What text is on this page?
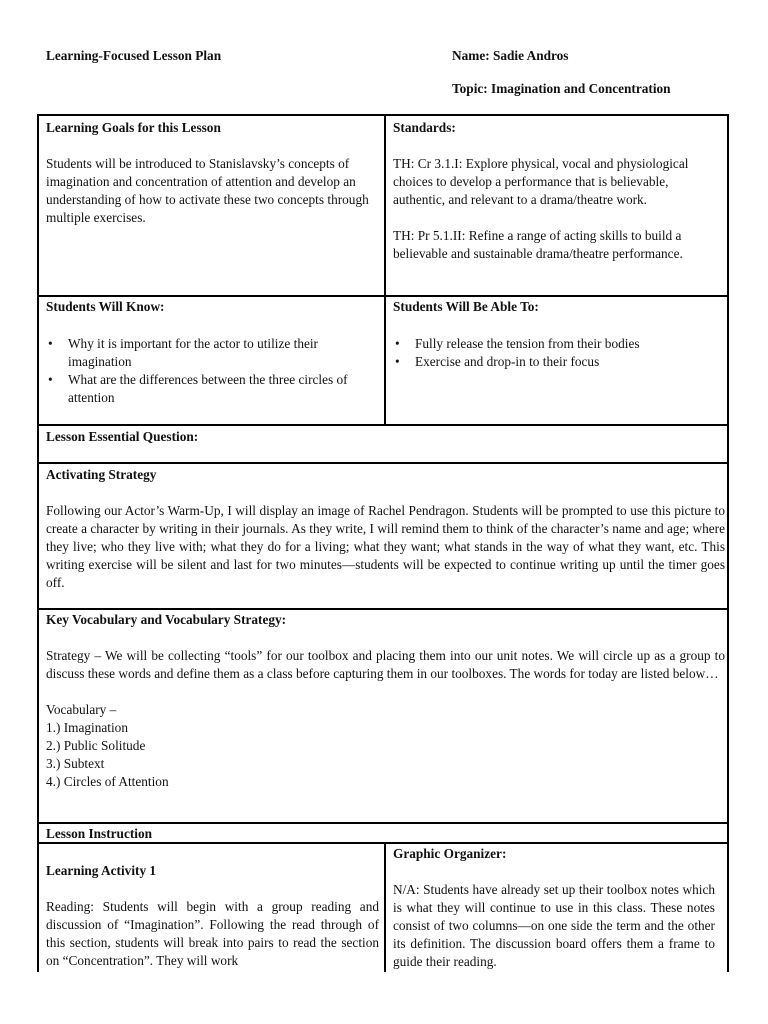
Learning-Focused Lesson Plan	Name: Sadie Andros
Topic: Imagination and Concentration

Learning Goals for this Lesson

Students will be introduced to Stanislavsky’s concepts of imagination and concentration of attention and develop an understanding of how to activate these two concepts through multiple exercises.

Standards:

TH: Cr 3.1.I: Explore physical, vocal and physiological choices to develop a performance that is believable, authentic, and relevant to a drama/theatre work.

TH: Pr 5.1.II: Refine a range of acting skills to build a believable and sustainable drama/theatre performance.

Students Will Know:

• Why it is important for the actor to utilize their imagination
• What are the differences between the three circles of attention

Students Will Be Able To:

• Fully release the tension from their bodies
• Exercise and drop-in to their focus

Lesson Essential Question:

Activating Strategy

Following our Actor’s Warm-Up, I will display an image of Rachel Pendragon. Students will be prompted to use this picture to create a character by writing in their journals. As they write, I will remind them to think of the character’s name and age; where they live; who they live with; what they do for a living; what they want; what stands in the way of what they want, etc. This writing exercise will be silent and last for two minutes—students will be expected to continue writing up until the timer goes off.

Key Vocabulary and Vocabulary Strategy:

Strategy – We will be collecting “tools” for our toolbox and placing them into our unit notes. We will circle up as a group to discuss these words and define them as a class before capturing them in our toolboxes. The words for today are listed below…

Vocabulary –

1.) Imagination

2.) Public Solitude

3.) Subtext

4.) Circles of Attention

Lesson Instruction

Learning Activity 1

Reading: Students will begin with a group reading and discussion of “Imagination”. Following the read through of this section, students will break into pairs to read the section on “Concentration”. They will work

Graphic Organizer:

N/A: Students have already set up their toolbox notes which is what they will continue to use in this class. These notes consist of two columns—on one side the term and the other its definition. The discussion board offers them a frame to guide their reading.
